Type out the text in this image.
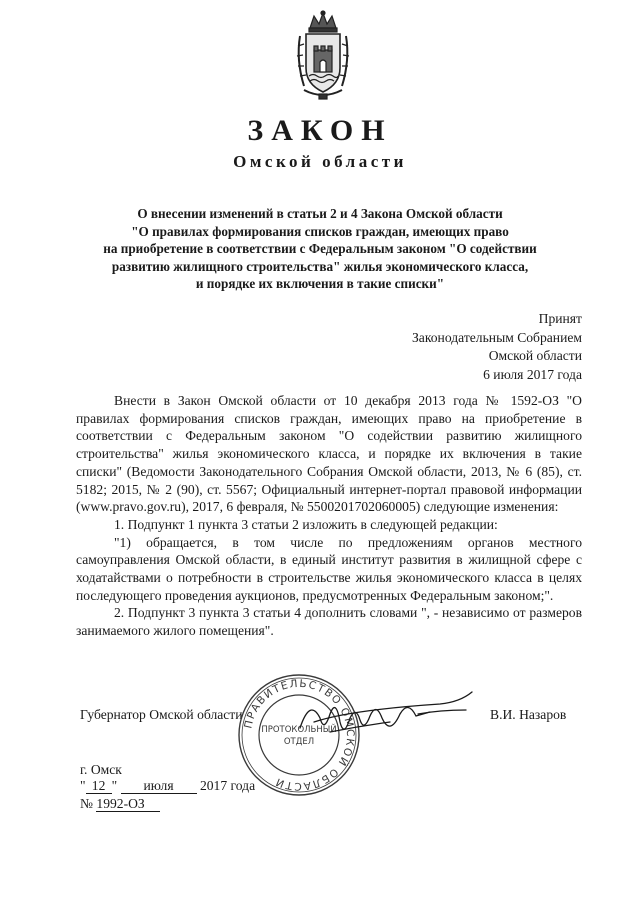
ЗАКОН
Омской области
О внесении изменений в статьи 2 и 4 Закона Омской области
"О правилах формирования списков граждан, имеющих право
на приобретение в соответствии с Федеральным законом "О содействии
развитию жилищного строительства" жилья экономического класса,
и порядке их включения в такие списки"
Принят
Законодательным Собранием
Омской области
6 июля 2017 года

Внести в Закон Омской области от 10 декабря 2013 года № 1592-ОЗ "О правилах формирования списков граждан, имеющих право на приобретение в соответствии с Федеральным законом "О содействии развитию жилищного строительства" жилья экономического класса, и порядке их включения в такие списки" (Ведомости Законодательного Собрания Омской области, 2013, № 6 (85), ст. 5182; 2015, № 2 (90), ст. 5567; Официальный интернет-портал правовой информации (www.pravo.gov.ru), 2017, 6 февраля, № 5500201702060005) следующие изменения:

1. Подпункт 1 пункта 3 статьи 2 изложить в следующей редакции:

"1) обращается, в том числе по предложениям органов местного самоуправления Омской области, в единый институт развития в жилищной сфере с ходатайствами о потребности в строительстве жилья экономического класса в целях последующего проведения аукционов, предусмотренных Федеральным законом;".

2. Подпункт 3 пункта 3 статьи 4 дополнить словами ", - независимо от размеров занимаемого жилого помещения".

Губернатор Омской области
ПРАВИТЕЛЬСТВО ОМСКОЙ ОБЛАСТИ
ПРОТОКОЛЬНЫЙ
ОТДЕЛ
В.И. Назаров
г. Омск
" 12 " июля 2017 года
№ 1992-ОЗ
